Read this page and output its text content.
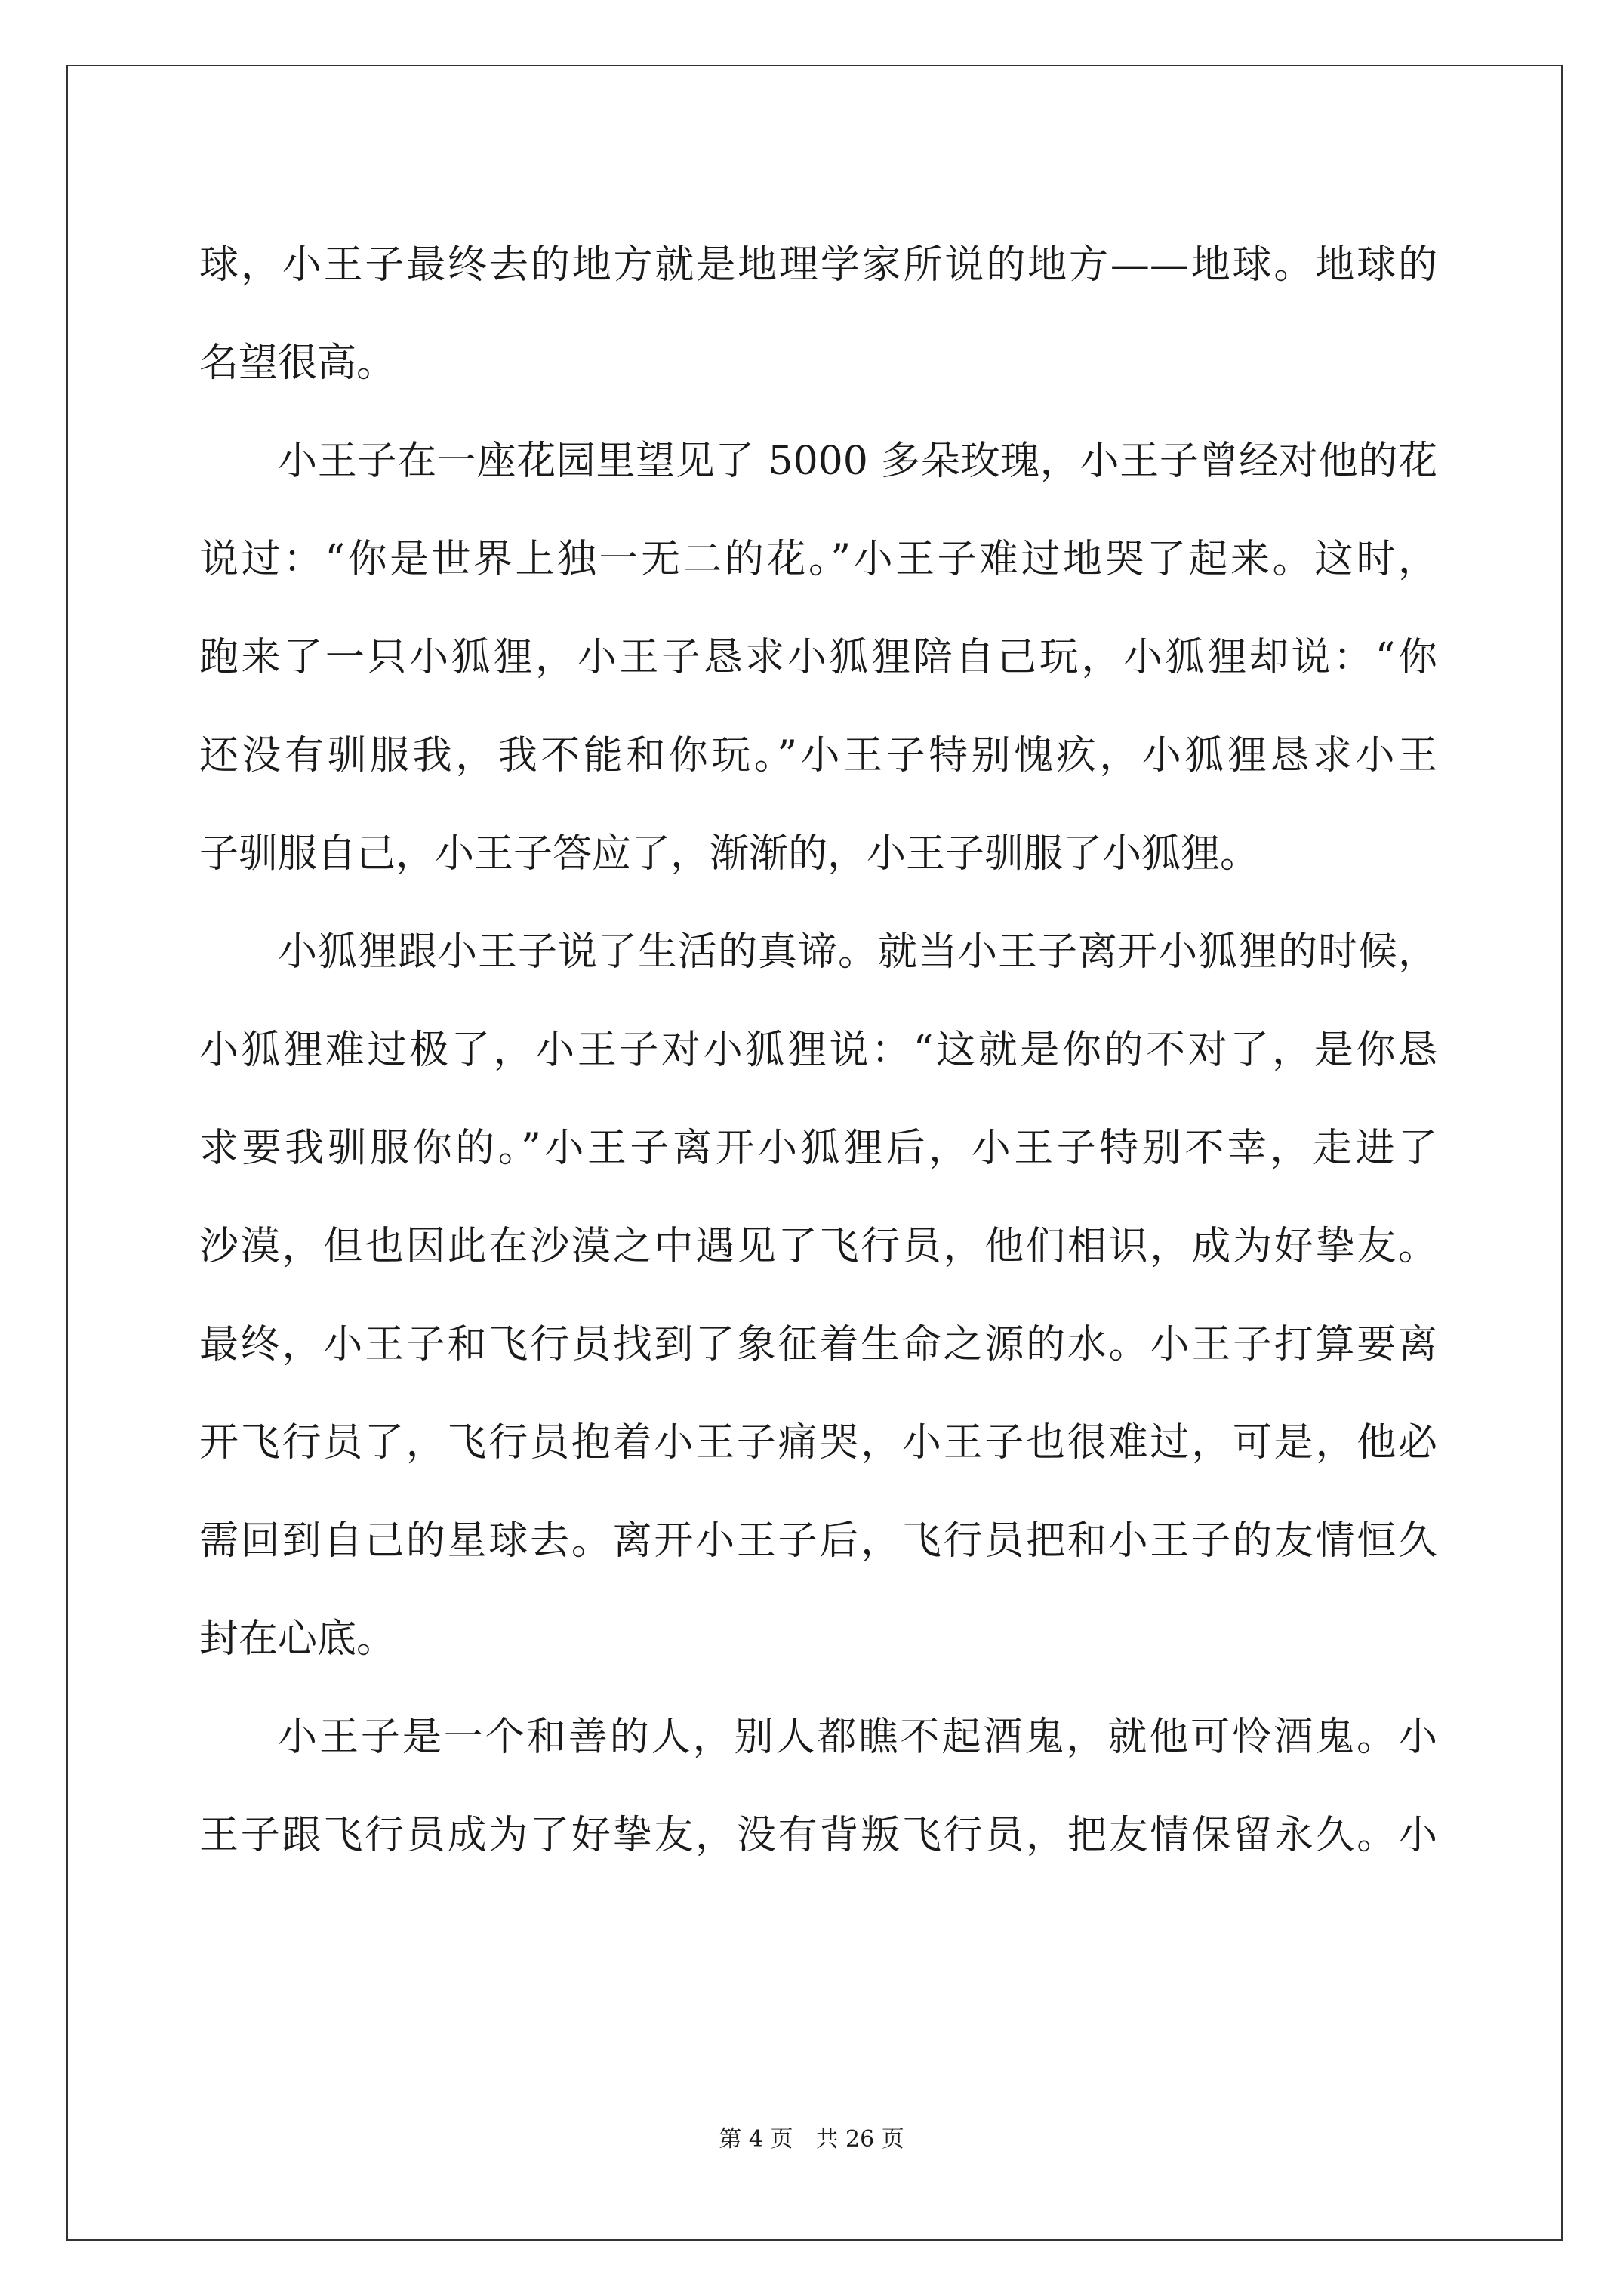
球，小王子最终去的地方就是地理学家所说的地方——地球。地球的
名望很高。
小王子在一座花园里望见了 5000 多朵玫瑰，小王子曾经对他的花
说过：“你是世界上独一无二的花。”小王子难过地哭了起来。这时，
跑来了一只小狐狸，小王子恳求小狐狸陪自己玩，小狐狸却说：“你
还没有驯服我，我不能和你玩。”小王子特别愧疚，小狐狸恳求小王
子驯服自己，小王子答应了，渐渐的，小王子驯服了小狐狸。
小狐狸跟小王子说了生活的真谛。就当小王子离开小狐狸的时候，
小狐狸难过极了，小王子对小狐狸说：“这就是你的不对了，是你恳
求要我驯服你的。”小王子离开小狐狸后，小王子特别不幸，走进了
沙漠，但也因此在沙漠之中遇见了飞行员，他们相识，成为好挚友。
最终，小王子和飞行员找到了象征着生命之源的水。小王子打算要离
开飞行员了，飞行员抱着小王子痛哭，小王子也很难过，可是，他必
需回到自己的星球去。离开小王子后，飞行员把和小王子的友情恒久
封在心底。
小王子是一个和善的人，别人都瞧不起酒鬼，就他可怜酒鬼。小
王子跟飞行员成为了好挚友，没有背叛飞行员，把友情保留永久。小
第 4 页　共 26 页
